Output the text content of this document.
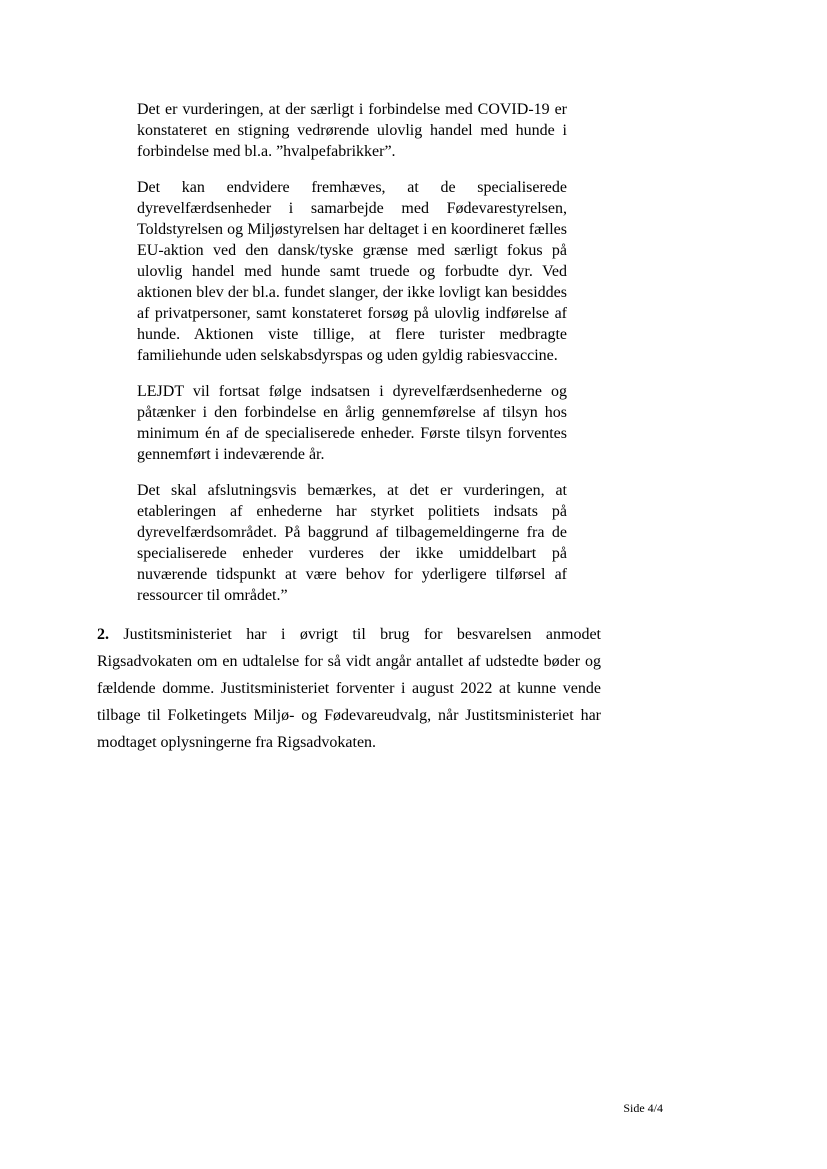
Det er vurderingen, at der særligt i forbindelse med COVID-19 er konstateret en stigning vedrørende ulovlig handel med hunde i forbindelse med bl.a. ”hvalpefabrikker”.

Det kan endvidere fremhæves, at de specialiserede dyrevelfærdsenheder i samarbejde med Fødevarestyrelsen, Toldstyrelsen og Miljøstyrelsen har deltaget i en koordineret fælles EU-aktion ved den dansk/tyske grænse med særligt fokus på ulovlig handel med hunde samt truede og forbudte dyr. Ved aktionen blev der bl.a. fundet slanger, der ikke lovligt kan besiddes af privatpersoner, samt konstateret forsøg på ulovlig indførelse af hunde. Aktionen viste tillige, at flere turister medbragte familiehunde uden selskabsdyrspas og uden gyldig rabiesvaccine.

LEJDT vil fortsat følge indsatsen i dyrevelfærdsenhederne og påtænker i den forbindelse en årlig gennemførelse af tilsyn hos minimum én af de specialiserede enheder. Første tilsyn forventes gennemført i indeværende år.

Det skal afslutningsvis bemærkes, at det er vurderingen, at etableringen af enhederne har styrket politiets indsats på dyrevelfærdsområdet. På baggrund af tilbagemeldingerne fra de specialiserede enheder vurderes der ikke umiddelbart på nuværende tidspunkt at være behov for yderligere tilførsel af ressourcer til området.”

2. Justitsministeriet har i øvrigt til brug for besvarelsen anmodet Rigsadvokaten om en udtalelse for så vidt angår antallet af udstedte bøder og fældende domme. Justitsministeriet forventer i august 2022 at kunne vende tilbage til Folketingets Miljø- og Fødevareudvalg, når Justitsministeriet har modtaget oplysningerne fra Rigsadvokaten.

Side 4/4
